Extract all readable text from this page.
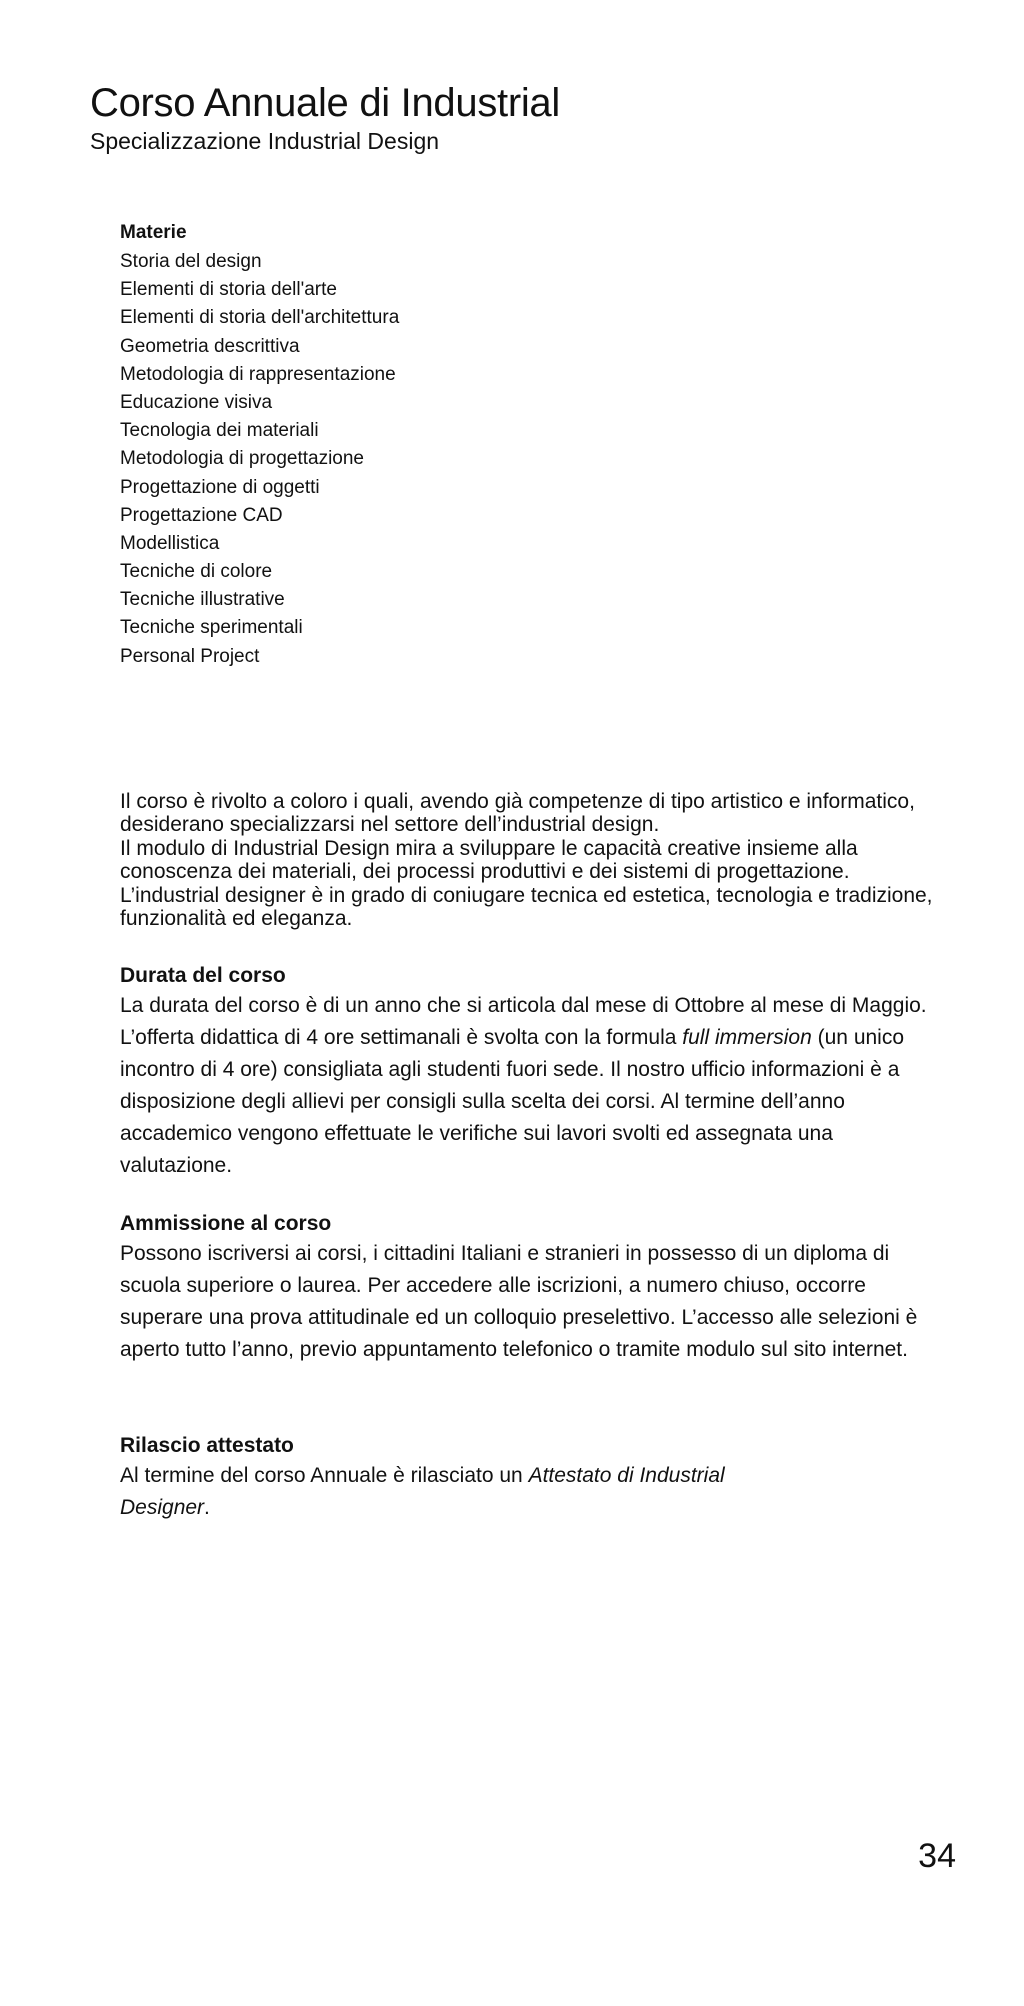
Corso Annuale di Industrial
Specializzazione Industrial Design
Materie
Storia del design
Elementi di storia dell'arte
Elementi di storia dell'architettura
Geometria descrittiva
Metodologia di rappresentazione
Educazione visiva
Tecnologia dei materiali
Metodologia di progettazione
Progettazione di oggetti
Progettazione CAD
Modellistica
Tecniche di colore
Tecniche illustrative
Tecniche sperimentali
Personal Project

Il corso è rivolto a coloro i quali, avendo già competenze di tipo artistico e informatico, desiderano specializzarsi nel settore dell’industrial design.

Il modulo di Industrial Design mira a sviluppare le capacità creative insieme alla conoscenza dei materiali, dei processi produttivi e dei sistemi di progettazione.

L’industrial designer è in grado di coniugare tecnica ed estetica, tecnologia e tradizione, funzionalità ed eleganza.

Durata del corso

La durata del corso è di un anno che si articola dal mese di Ottobre al mese di Maggio. L’offerta didattica di 4 ore settimanali è svolta con la formula full immersion (un unico incontro di 4 ore) consigliata agli studenti fuori sede. Il nostro ufficio informazioni è a disposizione degli allievi per consigli sulla scelta dei corsi. Al termine dell’anno accademico vengono effettuate le verifiche sui lavori svolti ed assegnata una valutazione.

Ammissione al corso

Possono iscriversi ai corsi, i cittadini Italiani e stranieri in possesso di un diploma di scuola superiore o laurea. Per accedere alle iscrizioni, a numero chiuso, occorre superare una prova attitudinale ed un colloquio preselettivo. L’accesso alle selezioni è aperto tutto l’anno, previo appuntamento telefonico o tramite modulo sul sito internet.

Rilascio attestato

Al termine del corso Annuale è rilasciato un Attestato di Industrial Designer.

34
